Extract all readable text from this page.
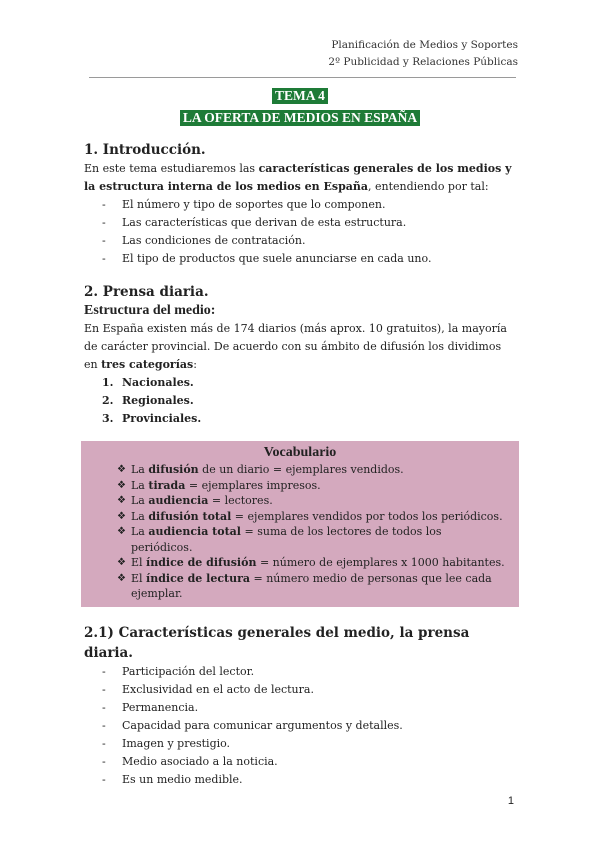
Planificación de Medios y Soportes
2º Publicidad y Relaciones Públicas
TEMA 4
LA OFERTA DE MEDIOS EN ESPAÑA
1. Introducción.

En este tema estudiaremos las características generales de los medios y la estructura interna de los medios en España, entendiendo por tal:

- El número y tipo de soportes que lo componen.
- Las características que derivan de esta estructura.
- Las condiciones de contratación.
- El tipo de productos que suele anunciarse en cada uno.
2. Prensa diaria.
Estructura del medio:

En España existen más de 174 diarios (más aprox. 10 gratuitos), la mayoría de carácter provincial. De acuerdo con su ámbito de difusión los dividimos en tres categorías:

1. Nacionales.
2. Regionales.
3. Provinciales.
Vocabulario
❖ La difusión de un diario = ejemplares vendidos.
❖ La tirada = ejemplares impresos.
❖ La audiencia = lectores.
❖ La difusión total = ejemplares vendidos por todos los periódicos.
❖ La audiencia total = suma de los lectores de todos los periódicos.
❖ El índice de difusión = número de ejemplares x 1000 habitantes.
❖ El índice de lectura = número medio de personas que lee cada ejemplar.
2.1) Características generales del medio, la prensa diaria.
- Participación del lector.
- Exclusividad en el acto de lectura.
- Permanencia.
- Capacidad para comunicar argumentos y detalles.
- Imagen y prestigio.
- Medio asociado a la noticia.
- Es un medio medible.
1
